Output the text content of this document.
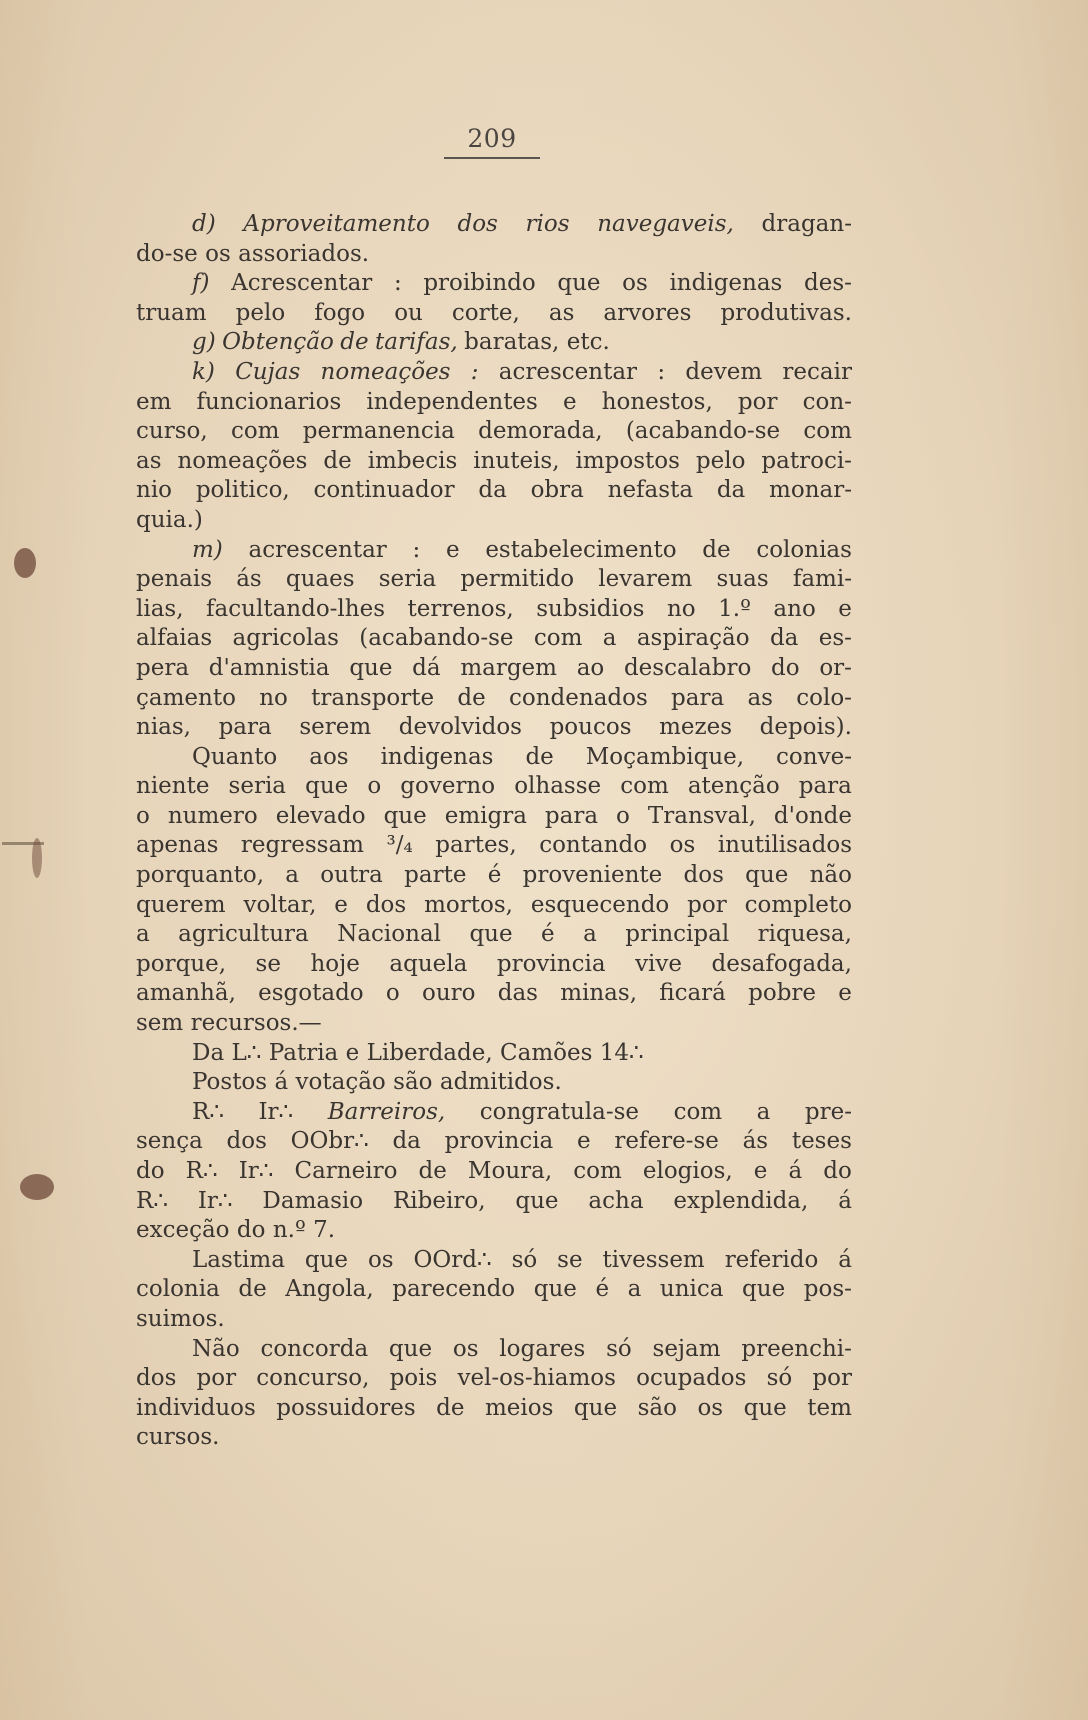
209
d) Aproveitamento dos rios navegaveis, dragan-
do-se os assoriados.
f) Acrescentar : proibindo que os indigenas des-
truam pelo fogo ou corte, as arvores produtivas.
g) Obtenção de tarifas, baratas, etc.
k) Cujas nomeações : acrescentar : devem recair
em funcionarios independentes e honestos, por con-
curso, com permanencia demorada, (acabando-se com
as nomeações de imbecis inuteis, impostos pelo patroci-
nio politico, continuador da obra nefasta da monar-
quia.)
m) acrescentar : e estabelecimento de colonias
penais ás quaes seria permitido levarem suas fami-
lias, facultando-lhes terrenos, subsidios no 1.º ano e
alfaias agricolas (acabando-se com a aspiração da es-
pera d'amnistia que dá margem ao descalabro do or-
çamento no transporte de condenados para as colo-
nias, para serem devolvidos poucos mezes depois).
Quanto aos indigenas de Moçambique, conve-
niente seria que o governo olhasse com atenção para
o numero elevado que emigra para o Transval, d'onde
apenas regressam ³/₄ partes, contando os inutilisados
porquanto, a outra parte é proveniente dos que não
querem voltar, e dos mortos, esquecendo por completo
a agricultura Nacional que é a principal riquesa,
porque, se hoje aquela provincia vive desafogada,
amanhã, esgotado o ouro das minas, ficará pobre e
sem recursos.—
Da L∴ Patria e Liberdade, Camões 14∴
Postos á votação são admitidos.
R∴ Ir∴ Barreiros, congratula-se com a pre-
sença dos OObr∴ da provincia e refere-se ás teses
do R∴ Ir∴ Carneiro de Moura, com elogios, e á do
R∴ Ir∴ Damasio Ribeiro, que acha explendida, á
exceção do n.º 7.
Lastima que os OOrd∴ só se tivessem referido á
colonia de Angola, parecendo que é a unica que pos-
suimos.
Não concorda que os logares só sejam preenchi-
dos por concurso, pois vel-os-hiamos ocupados só por
individuos possuidores de meios que são os que tem
cursos.
